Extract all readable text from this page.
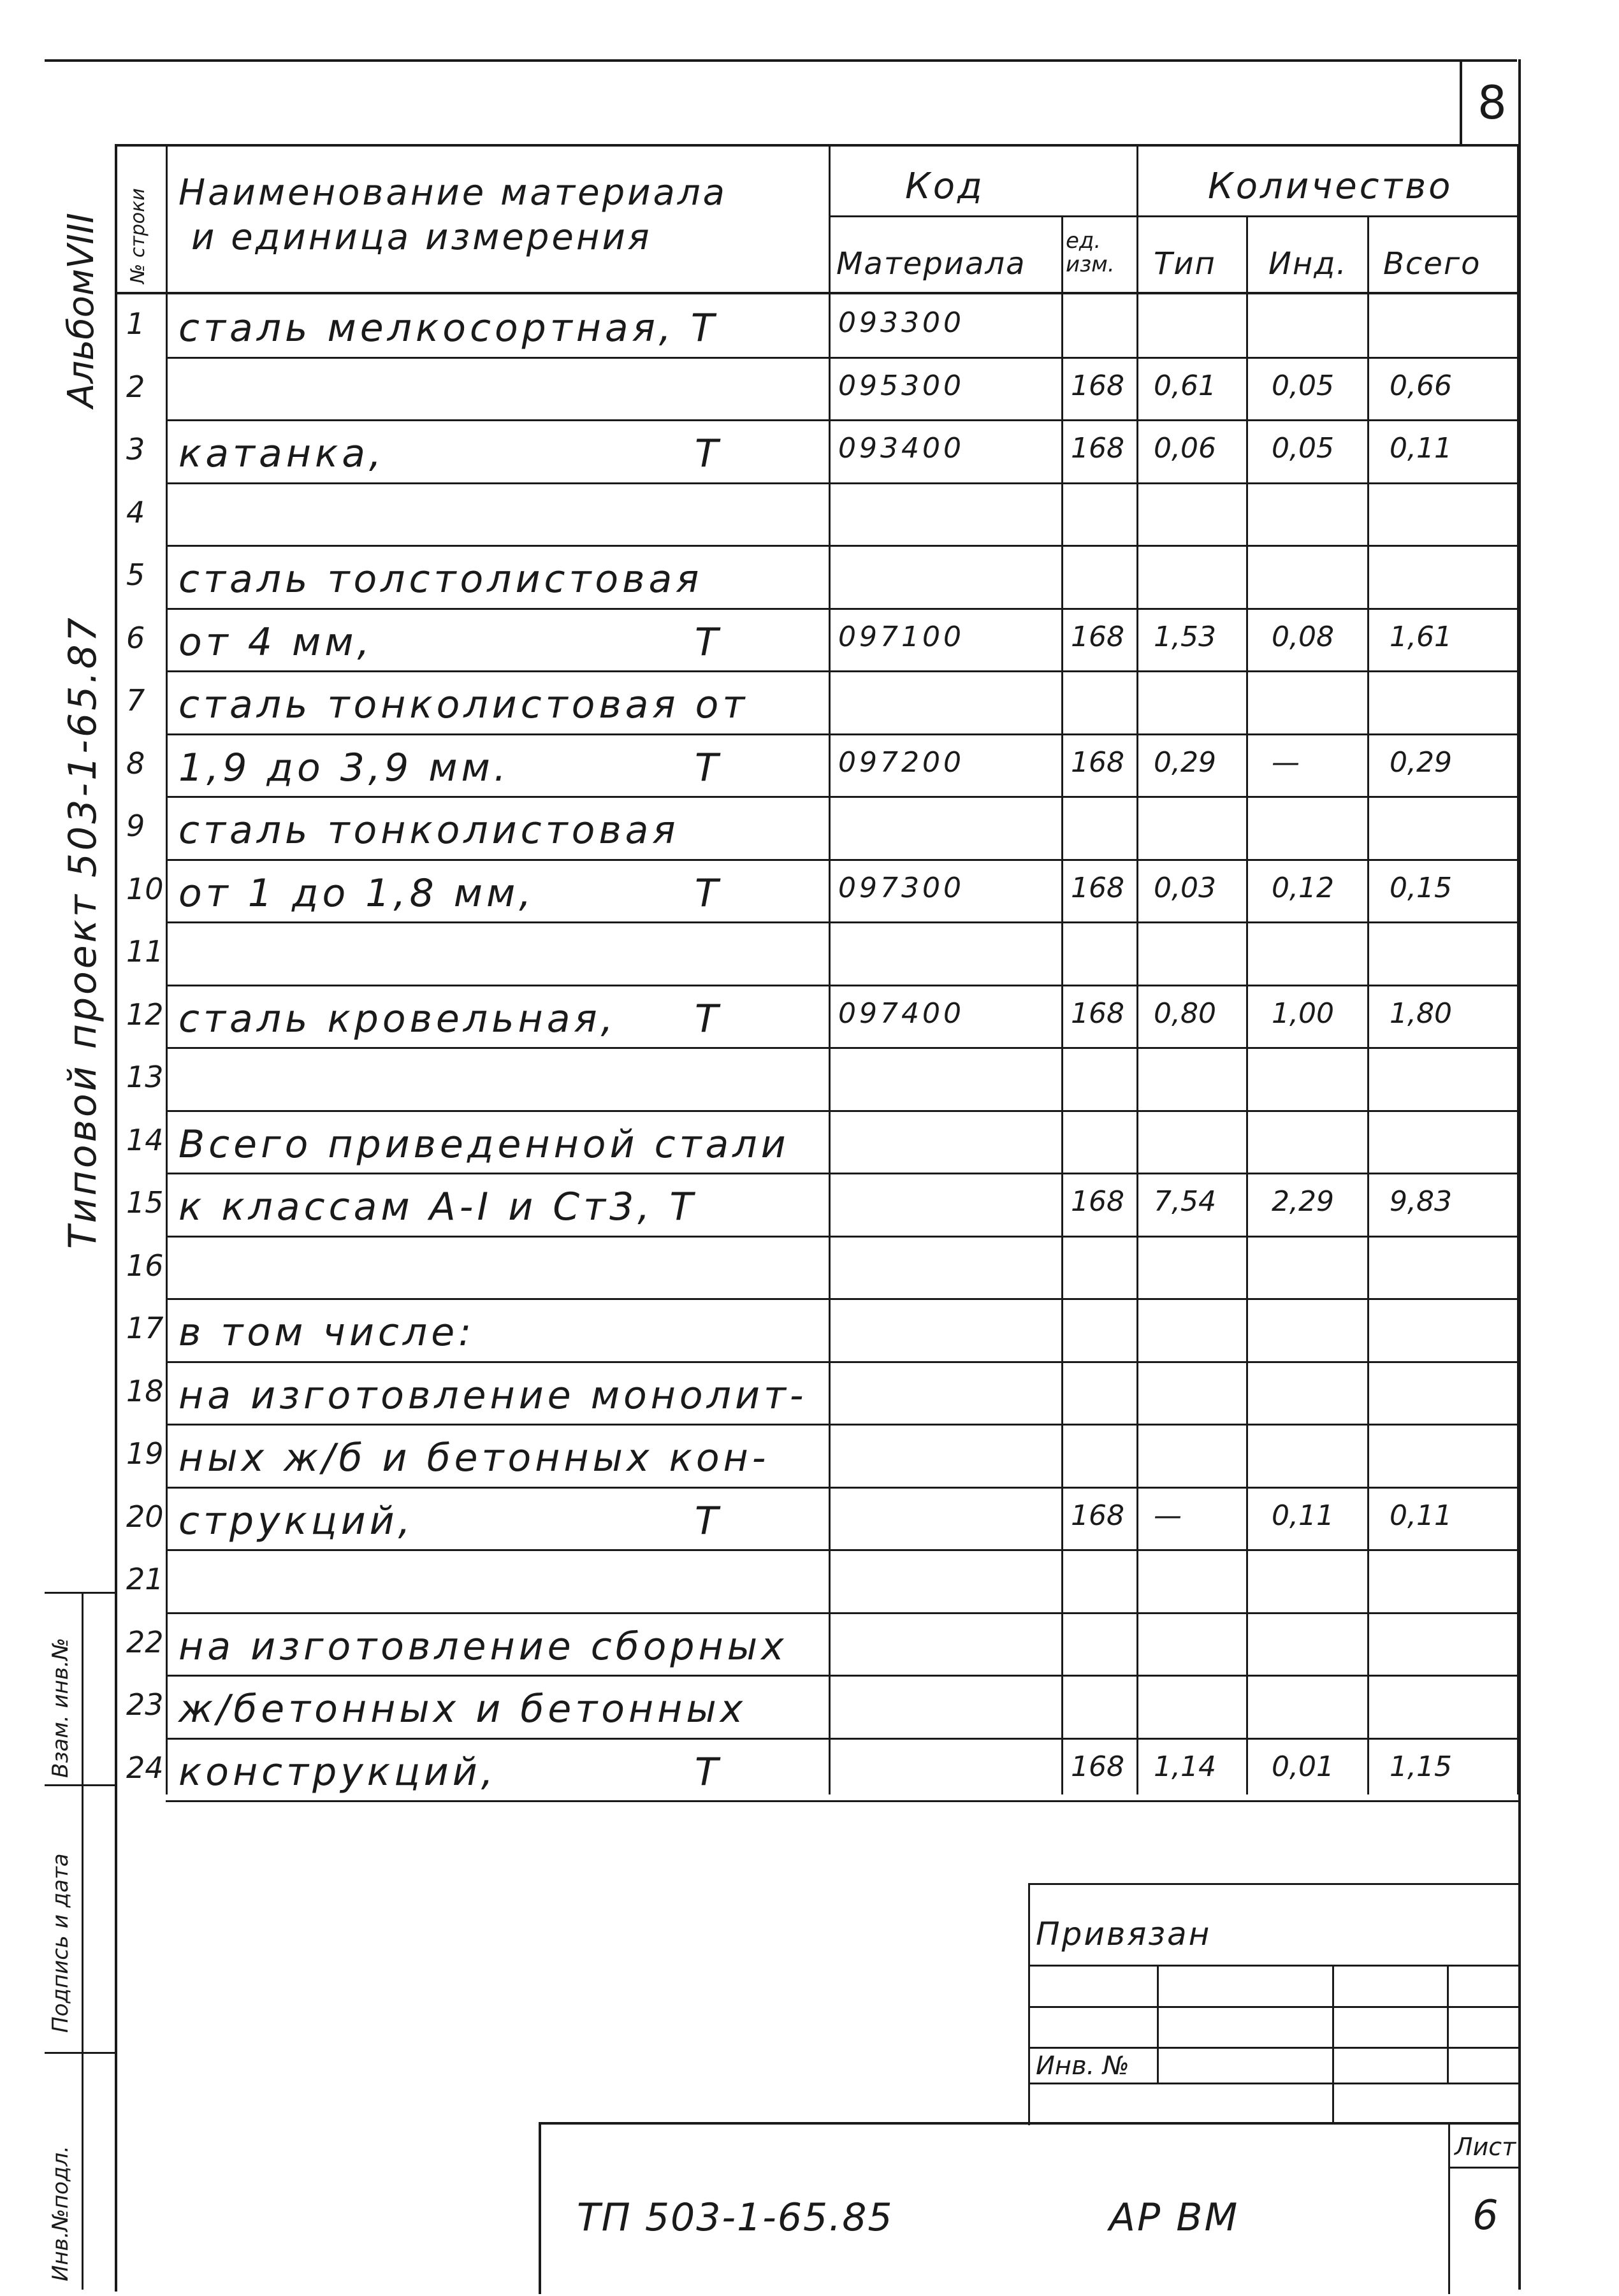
8
АльбомVIII
Типовой проект 503-1-65.87
Инв.№подл.
Подпись и дата
Взам. инв.№
№ строки Наименование материала
и единица измерения
Код
Материала
ед. изм.
Количество
Тип Инд. Всего
1 сталь мелкосортная, Т	093300
2	095300	168 0,61 0,05 0,66
3 катанка,	Т	093400	168 0,06 0,05 0,11
4
5 сталь толстолистовая
6 от 4 мм,	Т	097100	168 1,53 0,08 1,61
7 сталь тонколистовая от
8 1,9 до 3,9 мм.	Т	097200	168 0,29 —	0,29
9 сталь тонколистовая
10 от 1 до 1,8 мм,	Т	097300	168 0,03 0,12 0,15
11
12 сталь кровельная, Т	097400	168 0,80 1,00 1,80
13
14 Всего приведенной стали
15 к классам А-I и Ст3, Т	168 7,54 2,29 9,83
16
17 в том числе:
18 на изготовление монолит-
19 ных ж/б и бетонных кон-
20 струкций,	Т	168 —	0,11 0,11
21
22 на изготовление сборных
23 ж/бетонных и бетонных
24 конструкций,	Т	168 1,14 0,01 1,15
Привязан
Инв. №
ТП 503-1-65.85	АР ВМ
Лист
6
